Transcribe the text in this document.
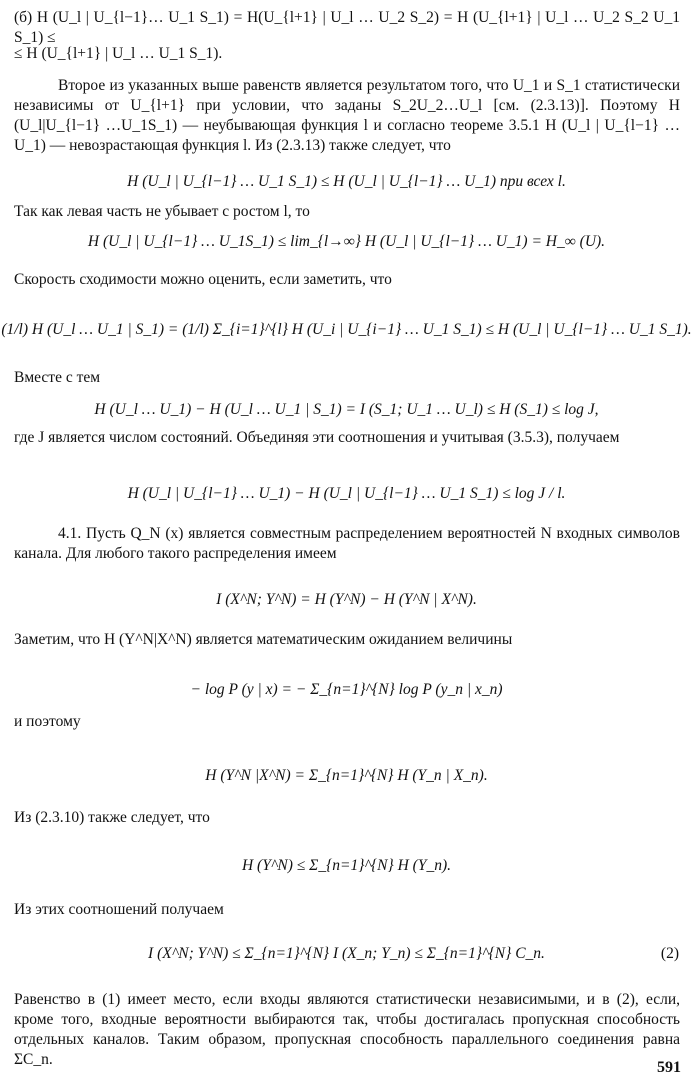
(б) H (U_l | U_{l−1}… U_1 S_1) = H(U_{l+1} | U_l … U_2 S_2) = H (U_{l+1} | U_l … U_2 S_2 U_1 S_1) ≤
≤ H (U_{l+1} | U_l … U_1 S_1).
Второе из указанных выше равенств является результатом того, что U_1 и S_1 статистически независимы от U_{l+1} при условии, что заданы S_2U_2…U_l [см. (2.3.13)]. Поэтому H (U_l|U_{l−1} …U_1S_1) — неубывающая функция l и согласно теореме 3.5.1 H (U_l | U_{l−1} …U_1) — невозрастающая функция l. Из (2.3.13) также следует, что
H (U_l | U_{l−1} … U_1 S_1) ≤ H (U_l | U_{l−1} … U_1) при всех l.
Так как левая часть не убывает с ростом l, то
H (U_l | U_{l−1} … U_1S_1) ≤ lim_{l→∞} H (U_l | U_{l−1} … U_1) = H_∞ (U).
Скорость сходимости можно оценить, если заметить, что
(1/l) H (U_l … U_1 | S_1) = (1/l) Σ_{i=1}^{l} H (U_i | U_{i−1} … U_1 S_1) ≤ H (U_l | U_{l−1} … U_1 S_1).
Вместе с тем
H (U_l … U_1) − H (U_l … U_1 | S_1) = I (S_1; U_1 … U_l) ≤ H (S_1) ≤ log J,
где J является числом состояний. Объединяя эти соотношения и учитывая (3.5.3), получаем
H (U_l | U_{l−1} … U_1) − H (U_l | U_{l−1} … U_1 S_1) ≤ log J / l.
4.1. Пусть Q_N (x) является совместным распределением вероятностей N входных символов канала. Для любого такого распределения имеем
I (X^N; Y^N) = H (Y^N) − H (Y^N | X^N).
Заметим, что H (Y^N|X^N) является математическим ожиданием величины
− log P (y | x) = − Σ_{n=1}^{N} log P (y_n | x_n)
и поэтому
H (Y^N |X^N) = Σ_{n=1}^{N} H (Y_n | X_n).
Из (2.3.10) также следует, что
H (Y^N) ≤ Σ_{n=1}^{N} H (Y_n).
Из этих соотношений получаем
I (X^N; Y^N) ≤ Σ_{n=1}^{N} I (X_n; Y_n) ≤ Σ_{n=1}^{N} C_n.	(2)
Равенство в (1) имеет место, если входы являются статистически независимыми, и в (2), если, кроме того, входные вероятности выбираются так, чтобы достигалась пропускная способность отдельных каналов. Таким образом, пропускная способность параллельного соединения равна ΣC_n.	591
